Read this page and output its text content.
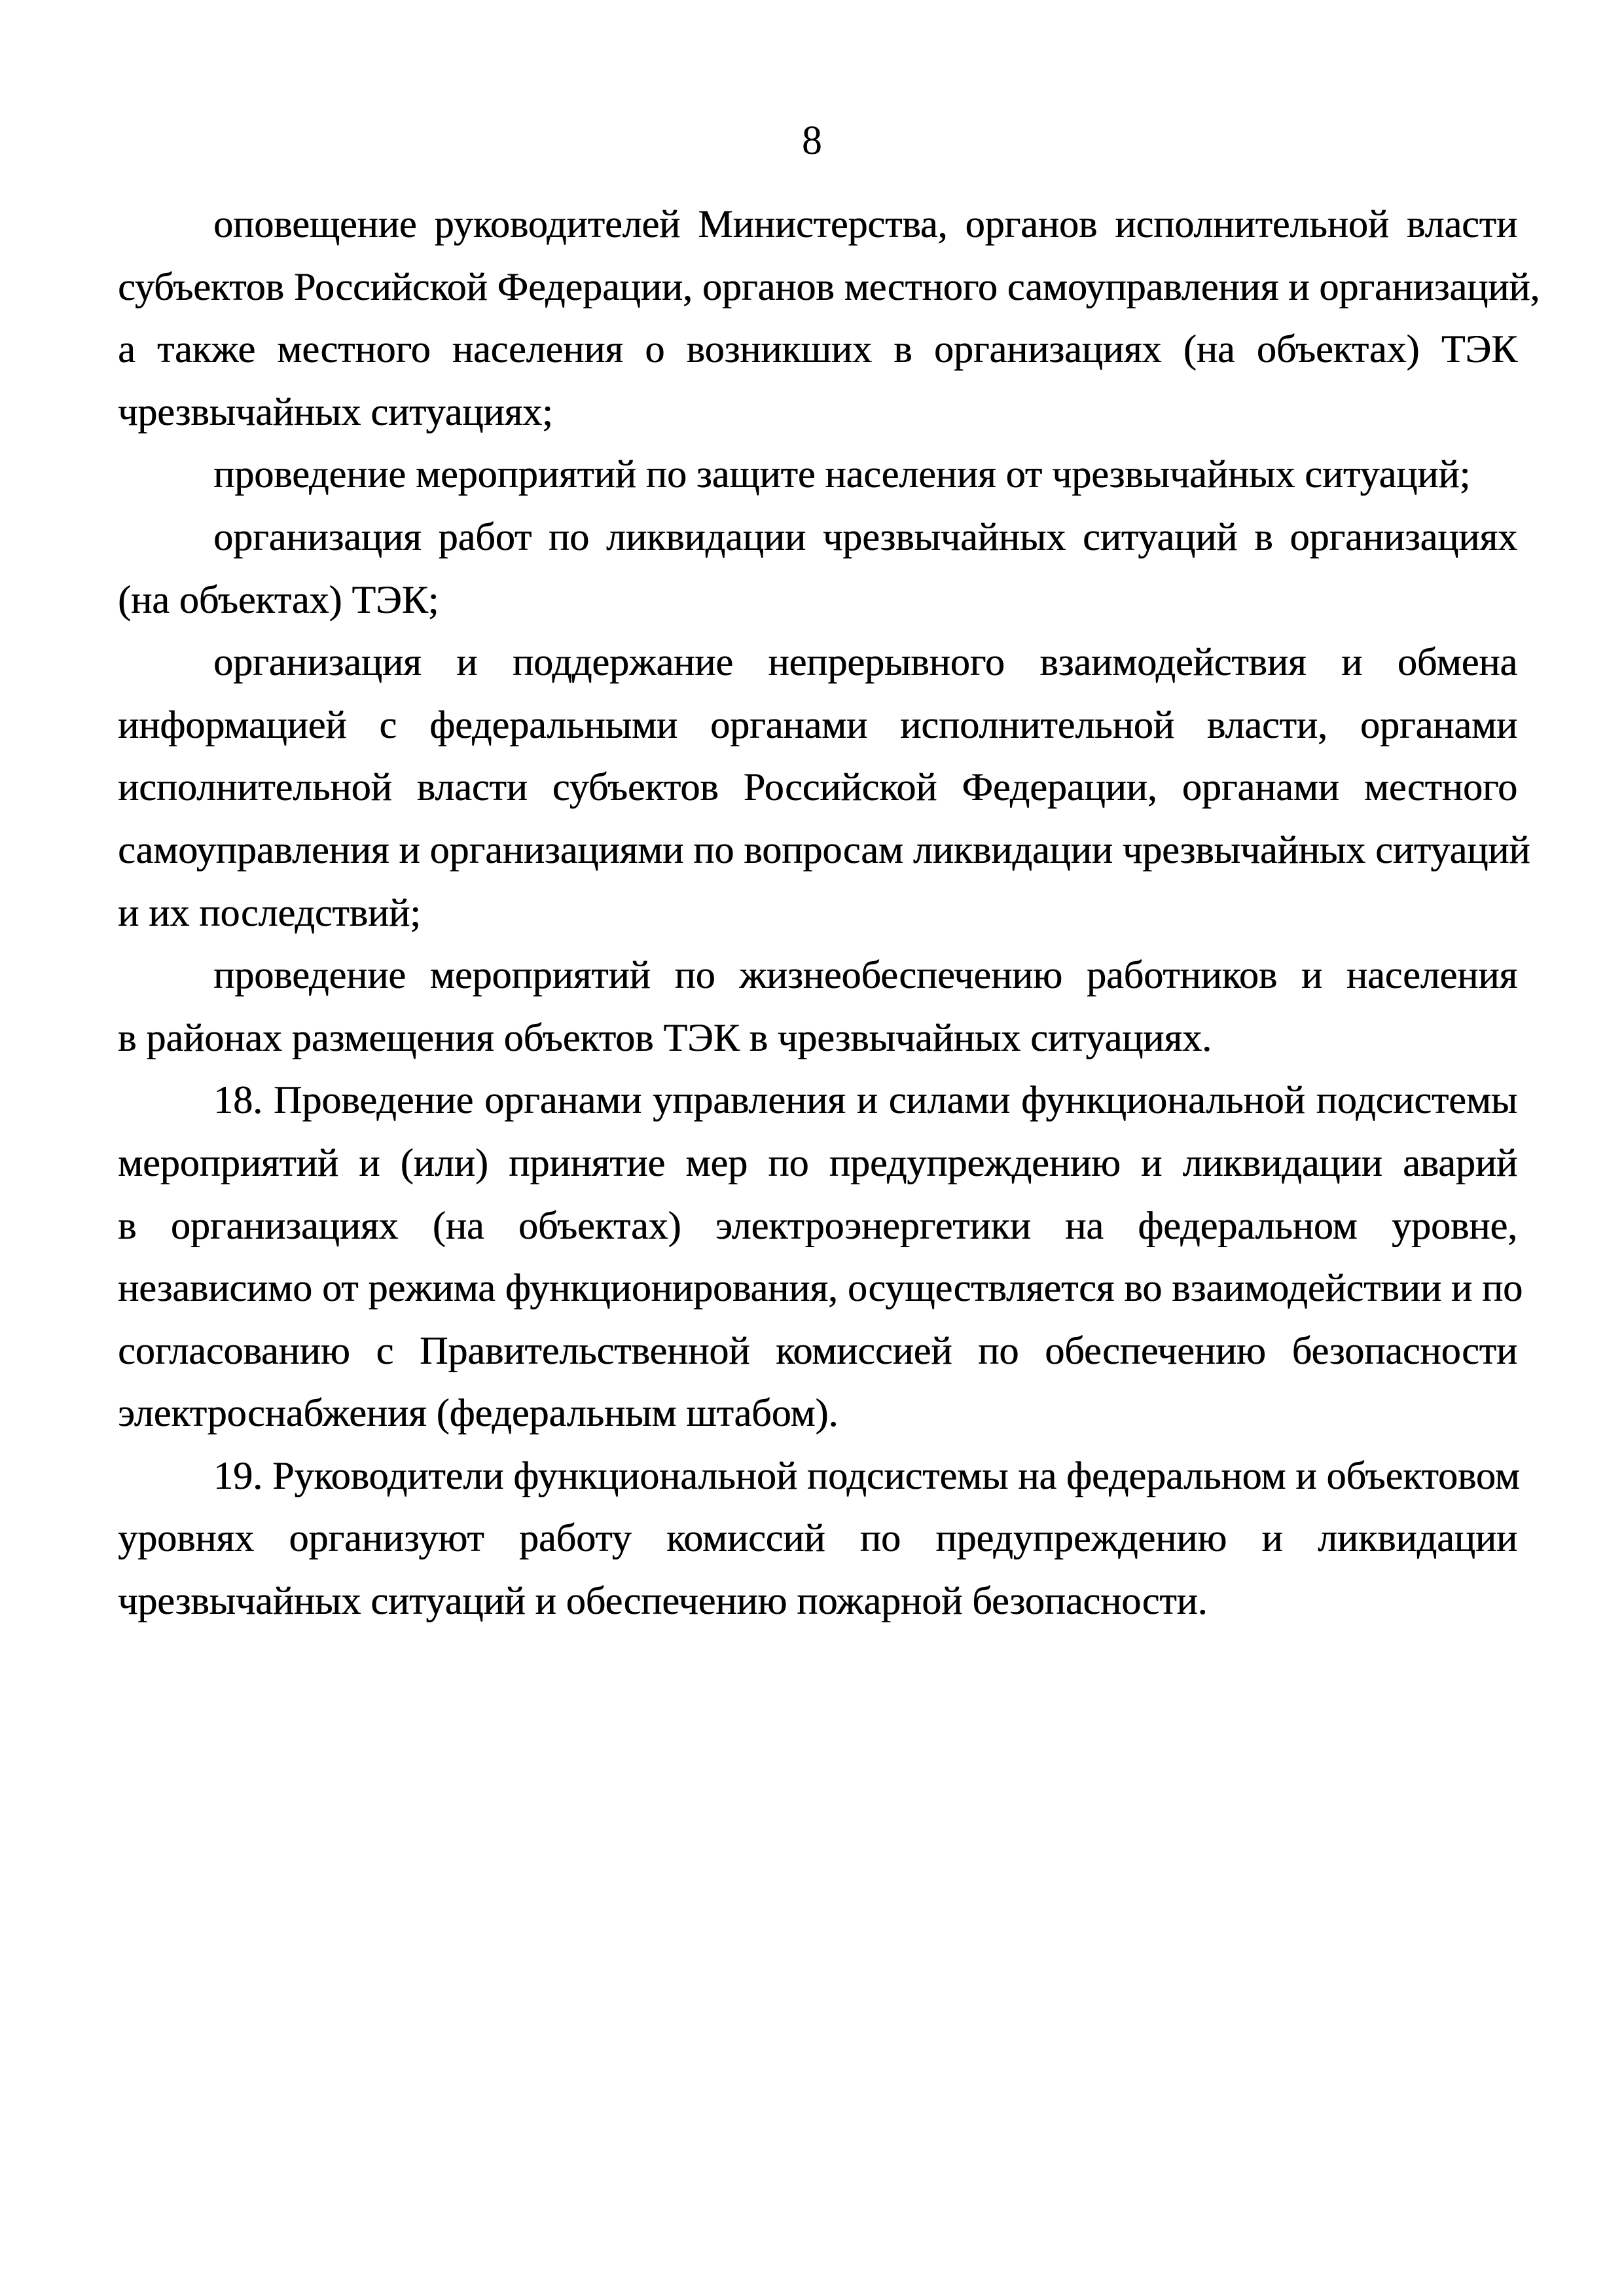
8
оповещение руководителей Министерства, органов исполнительной власти
субъектов Российской Федерации, органов местного самоуправления и организаций,
а также местного населения о возникших в организациях (на объектах) ТЭК
чрезвычайных ситуациях;
проведение мероприятий по защите населения от чрезвычайных ситуаций;
организация работ по ликвидации чрезвычайных ситуаций в организациях
(на объектах) ТЭК;
организация и поддержание непрерывного взаимодействия и обмена
информацией с федеральными органами исполнительной власти, органами
исполнительной власти субъектов Российской Федерации, органами местного
самоуправления и организациями по вопросам ликвидации чрезвычайных ситуаций
и их последствий;
проведение мероприятий по жизнеобеспечению работников и населения
в районах размещения объектов ТЭК в чрезвычайных ситуациях.
18. Проведение органами управления и силами функциональной подсистемы
мероприятий и (или) принятие мер по предупреждению и ликвидации аварий
в организациях (на объектах) электроэнергетики на федеральном уровне,
независимо от режима функционирования, осуществляется во взаимодействии и по
согласованию с Правительственной комиссией по обеспечению безопасности
электроснабжения (федеральным штабом).
19. Руководители функциональной подсистемы на федеральном и объектовом
уровнях организуют работу комиссий по предупреждению и ликвидации
чрезвычайных ситуаций и обеспечению пожарной безопасности.
